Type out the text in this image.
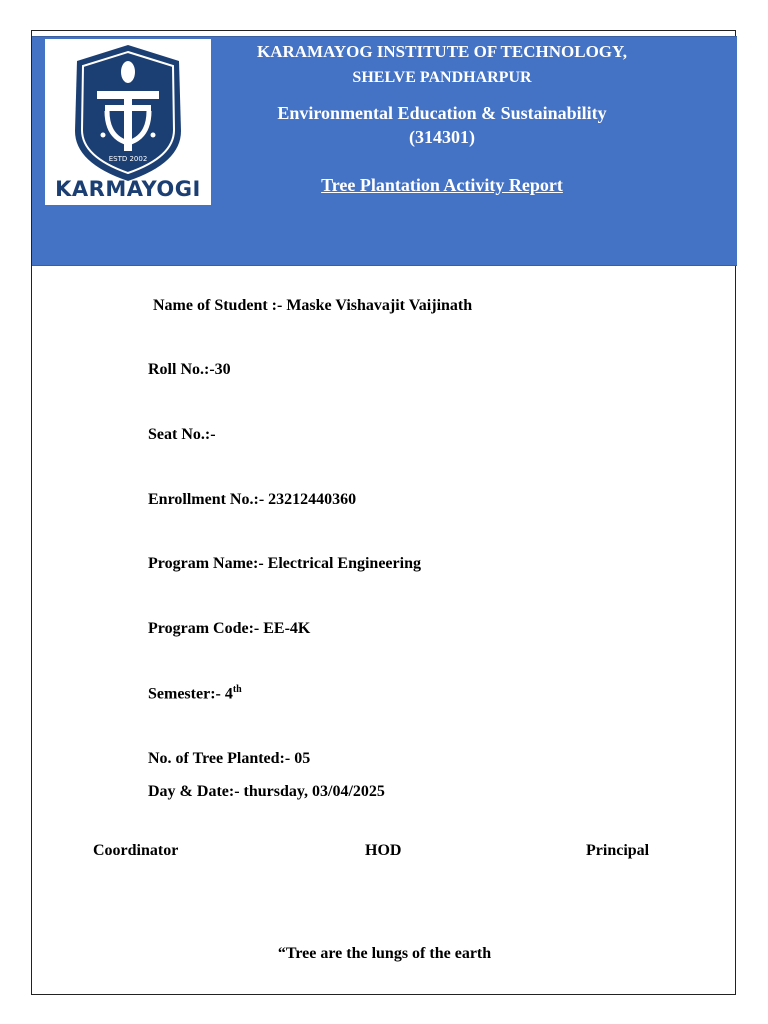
ESTD 2002
KARMAYOGI
KARAMAYOG INSTITUTE OF TECHNOLOGY,
SHELVE PANDHARPUR
Environmental Education & Sustainability
(314301)
Tree Plantation Activity Report
Name of Student :- Maske Vishavajit Vaijinath
Roll No.:-30
Seat No.:-
Enrollment No.:- 23212440360
Program Name:- Electrical Engineering
Program Code:- EE-4K
Semester:- 4th
No. of Tree Planted:- 05
Day & Date:- thursday, 03/04/2025
Coordinator	HOD	Principal
“Tree are the lungs of the earth
